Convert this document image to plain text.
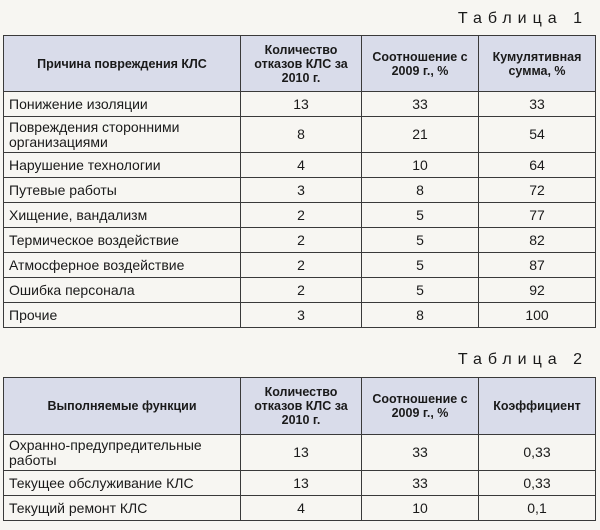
Таблица 1
Причина повреждения КЛС	Количество отказов КЛС за 2010 г.	Соотношение с 2009 г., %	Кумулятивная сумма, %
Понижение изоляции	13	33	33
Повреждения сторонними организациями	8	21	54
Нарушение технологии	4	10	64
Путевые работы	3	8	72
Хищение, вандализм	2	5	77
Термическое воздействие	2	5	82
Атмосферное воздействие	2	5	87
Ошибка персонала	2	5	92
Прочие	3	8	100
Таблица 2
Выполняемые функции	Количество отказов КЛС за 2010 г.	Соотношение с 2009 г., %	Коэффициент
Охранно-предупредительные работы	13	33	0,33
Текущее обслуживание КЛС	13	33	0,33
Текущий ремонт КЛС	4	10	0,1
